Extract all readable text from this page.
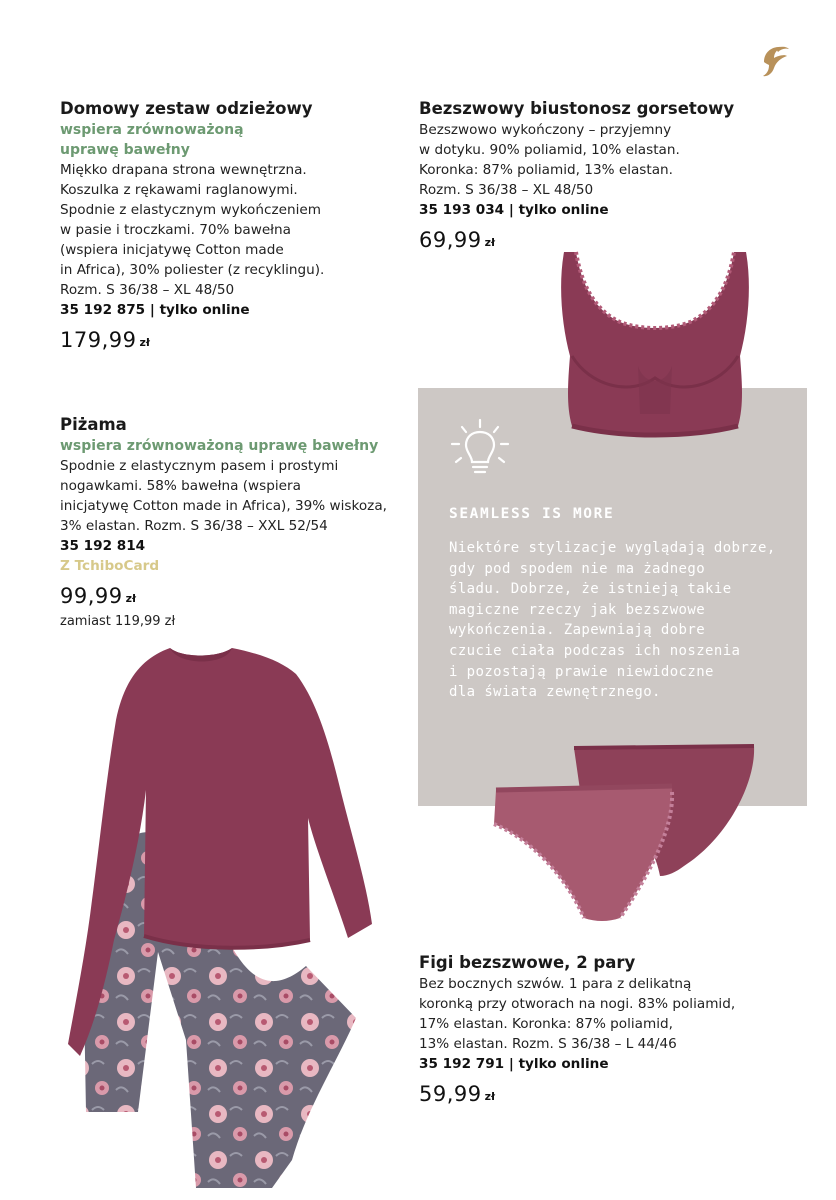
Domowy zestaw odzieżowy
wspiera zrównoważoną
uprawę bawełny
Miękko drapana strona wewnętrzna.
Koszulka z rękawami raglanowymi.
Spodnie z elastycznym wykończeniem
w pasie i troczkami. 70% bawełna
(wspiera inicjatywę Cotton made
in Africa), 30% poliester (z recyklingu).
Rozm. S 36/38 – XL 48/50
35 192 875 | tylko online
179,99 zł
Bezszwowy biustonosz gorsetowy
Bezszwowo wykończony – przyjemny
w dotyku. 90% poliamid, 10% elastan.
Koronka: 87% poliamid, 13% elastan.
Rozm. S 36/38 – XL 48/50
35 193 034 | tylko online
69,99 zł
SEAMLESS IS MORE
Niektóre stylizacje wyglądają dobrze,
gdy pod spodem nie ma żadnego
śladu. Dobrze, że istnieją takie
magiczne rzeczy jak bezszwowe
wykończenia. Zapewniają dobre
czucie ciała podczas ich noszenia
i pozostają prawie niewidoczne
dla świata zewnętrznego.
Piżama
wspiera zrównoważoną uprawę bawełny
Spodnie z elastycznym pasem i prostymi
nogawkami. 58% bawełna (wspiera
inicjatywę Cotton made in Africa), 39% wiskoza,
3% elastan. Rozm. S 36/38 – XXL 52/54
35 192 814
Z TchiboCard
99,99 zł
zamiast 119,99 zł
Figi bezszwowe, 2 pary
Bez bocznych szwów. 1 para z delikatną
koronką przy otworach na nogi. 83% poliamid,
17% elastan. Koronka: 87% poliamid,
13% elastan. Rozm. S 36/38 – L 44/46
35 192 791 | tylko online
59,99 zł
